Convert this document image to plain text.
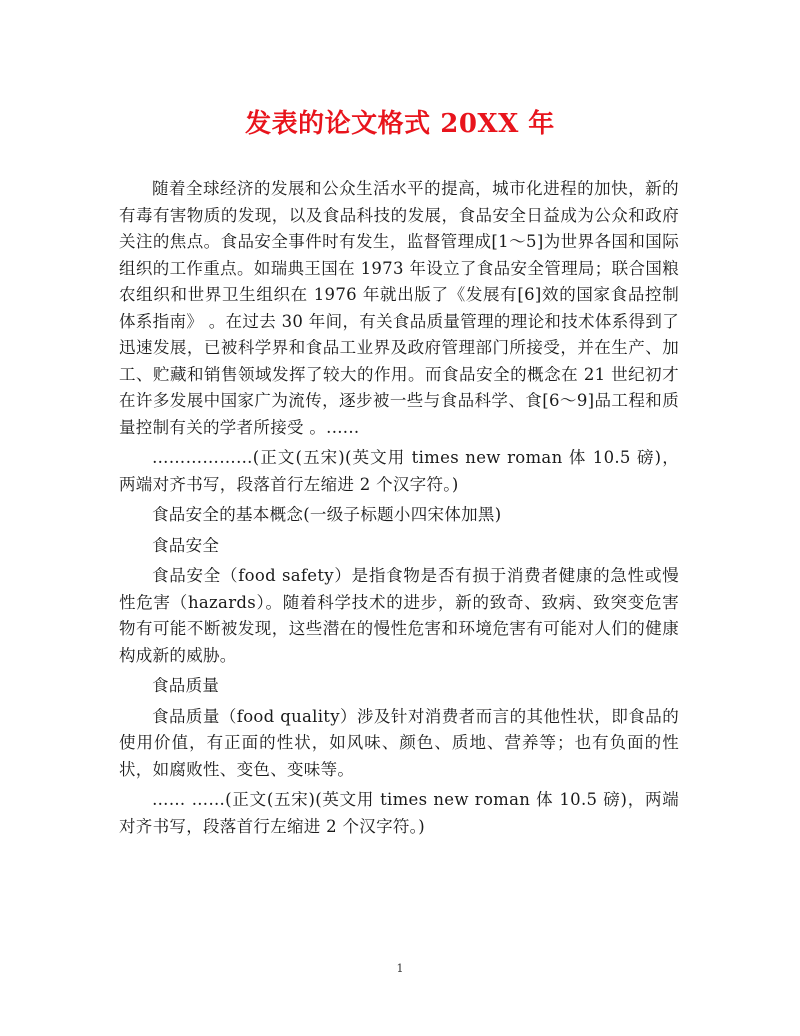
发表的论文格式 20XX 年

随着全球经济的发展和公众生活水平的提高，城市化进程的加快，新的有毒有害物质的发现，以及食品科技的发展，食品安全日益成为公众和政府关注的焦点。食品安全事件时有发生，监督管理成[1～5]为世界各国和国际组织的工作重点。如瑞典王国在 1973 年设立了食品安全管理局；联合国粮农组织和世界卫生组织在 1976 年就出版了《发展有[6]效的国家食品控制体系指南》 。在过去 30 年间，有关食品质量管理的理论和技术体系得到了迅速发展，已被科学界和食品工业界及政府管理部门所接受，并在生产、加工、贮藏和销售领域发挥了较大的作用。而食品安全的概念在 21 世纪初才在许多发展中国家广为流传，逐步被一些与食品科学、食[6～9]品工程和质量控制有关的学者所接受 。......

………………(正文(五宋)(英文用 times new roman 体 10.5 磅)，两端对齐书写，段落首行左缩进 2 个汉字符。)

食品安全的基本概念(一级子标题小四宋体加黑)

食品安全

食品安全（food safety）是指食物是否有损于消费者健康的急性或慢性危害（hazards）。随着科学技术的进步，新的致奇、致病、致突变危害物有可能不断被发现，这些潜在的慢性危害和环境危害有可能对人们的健康构成新的威胁。

食品质量

食品质量（food quality）涉及针对消费者而言的其他性状，即食品的使用价值，有正面的性状，如风味、颜色、质地、营养等；也有负面的性状，如腐败性、变色、变味等。

…… ……(正文(五宋)(英文用 times new roman 体 10.5 磅)，两端对齐书写，段落首行左缩进 2 个汉字符。)

1
